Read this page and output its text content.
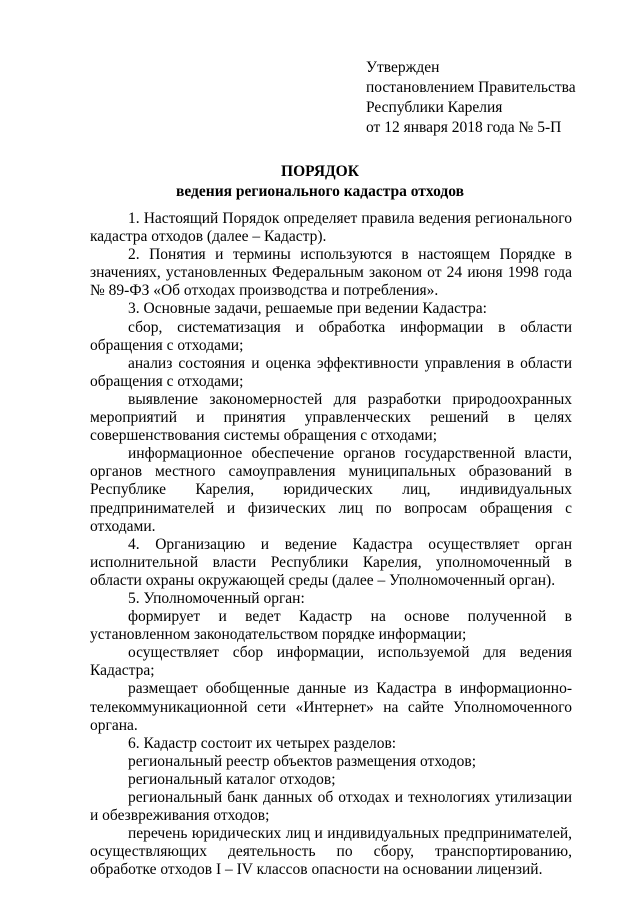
Утвержден
постановлением Правительства
Республики Карелия
от 12 января 2018 года № 5-П
ПОРЯДОК
ведения регионального кадастра отходов

1. Настоящий Порядок определяет правила ведения регионального кадастра отходов (далее – Кадастр).

2. Понятия и термины используются в настоящем Порядке в значениях, установленных Федеральным законом от 24 июня 1998 года № 89-ФЗ «Об отходах производства и потребления».

3. Основные задачи, решаемые при ведении Кадастра:

сбор, систематизация и обработка информации в области обращения с отходами;

анализ состояния и оценка эффективности управления в области обращения с отходами;

выявление закономерностей для разработки природоохранных мероприятий и принятия управленческих решений в целях совершенствования системы обращения с отходами;

информационное обеспечение органов государственной власти, органов местного самоуправления муниципальных образований в Республике Карелия, юридических лиц, индивидуальных предпринимателей и физических лиц по вопросам обращения с отходами.

4. Организацию и ведение Кадастра осуществляет орган исполнительной власти Республики Карелия, уполномоченный в области охраны окружающей среды (далее – Уполномоченный орган).

5. Уполномоченный орган:

формирует и ведет Кадастр на основе полученной в установленном законодательством порядке информации;

осуществляет сбор информации, используемой для ведения Кадастра;

размещает обобщенные данные из Кадастра в информационно-телекоммуникационной сети «Интернет» на сайте Уполномоченного органа.

6. Кадастр состоит их четырех разделов:

региональный реестр объектов размещения отходов;

региональный каталог отходов;

региональный банк данных об отходах и технологиях утилизации и обезвреживания отходов;

перечень юридических лиц и индивидуальных предпринимателей, осуществляющих деятельность по сбору, транспортированию, обработке отходов I – IV классов опасности на основании лицензий.
